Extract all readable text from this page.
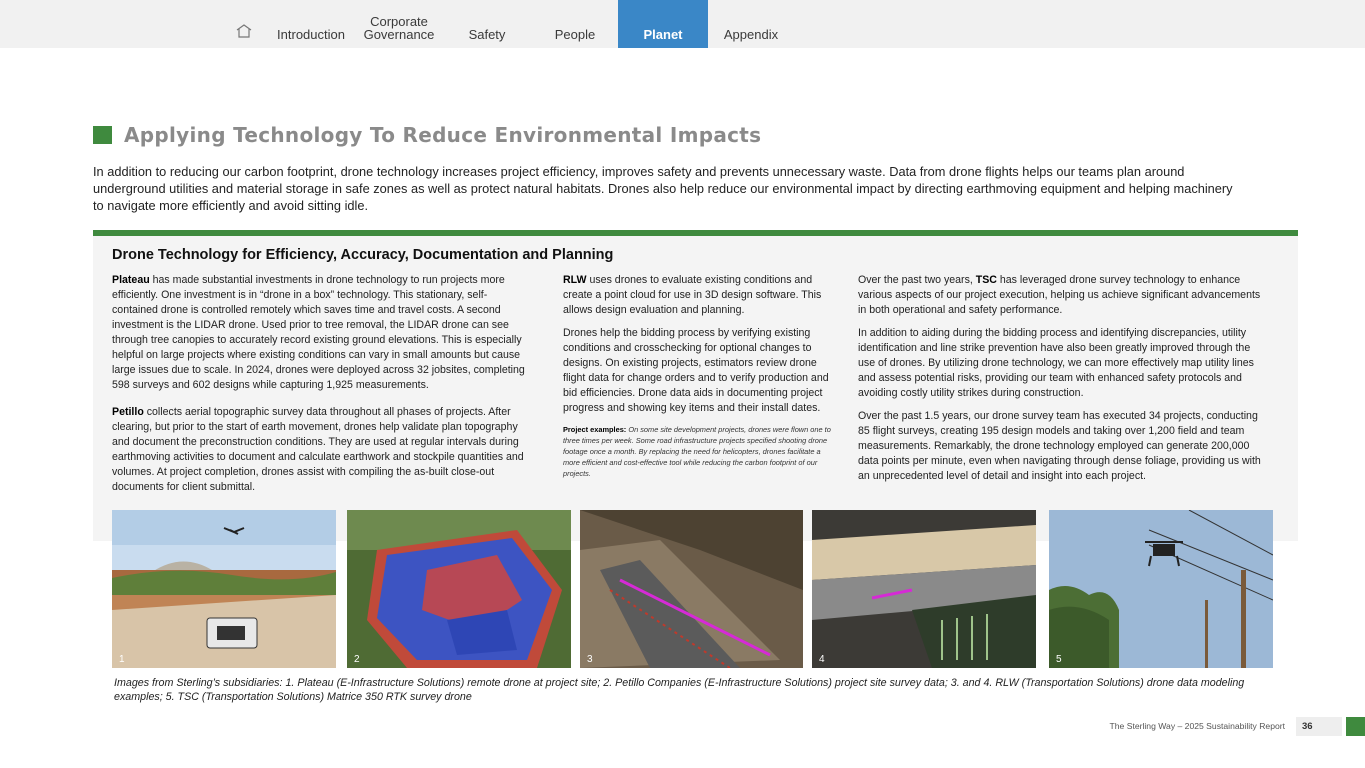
Introduction
Corporate
Governance	Safety	People	Planet	Appendix
Applying Technology To Reduce Environmental Impacts
In addition to reducing our carbon footprint, drone technology increases project efficiency, improves safety and prevents unnecessary waste. Data from drone flights helps our teams plan around underground utilities and material storage in safe zones as well as protect natural habitats. Drones also help reduce our environmental impact by directing earthmoving equipment and helping machinery to navigate more efficiently and avoid sitting idle.
Drone Technology for Efficiency, Accuracy, Documentation and Planning

Plateau has made substantial investments in drone technology to run projects more efficiently. One investment is in “drone in a box” technology. This stationary, self-contained drone is controlled remotely which saves time and travel costs. A second investment is the LIDAR drone. Used prior to tree removal, the LIDAR drone can see through tree canopies to accurately record existing ground elevations. This is especially helpful on large projects where existing conditions can vary in small amounts but cause large issues due to scale. In 2024, drones were deployed across 32 jobsites, completing 598 surveys and 602 designs while capturing 1,925 measurements.

Petillo collects aerial topographic survey data throughout all phases of projects. After clearing, but prior to the start of earth movement, drones help validate plan topography and document the preconstruction conditions. They are used at regular intervals during earthmoving activities to document and calculate earthwork and stockpile quantities and volumes. At project completion, drones assist with compiling the as-built close-out documents for client submittal.

RLW uses drones to evaluate existing conditions and create a point cloud for use in 3D design software. This allows design evaluation and planning.

Drones help the bidding process by verifying existing conditions and crosschecking for optional changes to designs. On existing projects, estimators review drone flight data for change orders and to verify production and bid efficiencies. Drone data aids in documenting project progress and showing key items and their install dates.

Project examples: On some site development projects, drones were flown one to three times per week. Some road infrastructure projects specified shooting drone footage once a month. By replacing the need for helicopters, drones facilitate a more efficient and cost-effective tool while reducing the carbon footprint of our projects.

Over the past two years, TSC has leveraged drone survey technology to enhance various aspects of our project execution, helping us achieve significant advancements in both operational and safety performance.

In addition to aiding during the bidding process and identifying discrepancies, utility identification and line strike prevention have also been greatly improved through the use of drones. By utilizing drone technology, we can more effectively map utility lines and assess potential risks, providing our team with enhanced safety protocols and avoiding costly utility strikes during construction.

Over the past 1.5 years, our drone survey team has executed 34 projects, conducting 85 flight surveys, creating 195 design models and taking over 1,200 field and team measurements. Remarkably, the drone technology employed can generate 200,000 data points per minute, even when navigating through dense foliage, providing us with an unprecedented level of detail and insight into each project.

1	2	3	4	5
Images from Sterling’s subsidiaries: 1. Plateau (E-Infrastructure Solutions) remote drone at project site; 2. Petillo Companies (E-Infrastructure Solutions) project site survey data; 3. and 4. RLW (Transportation Solutions) drone data modeling examples; 5. TSC (Transportation Solutions) Matrice 350 RTK survey drone
The Sterling Way – 2025 Sustainability Report 36
